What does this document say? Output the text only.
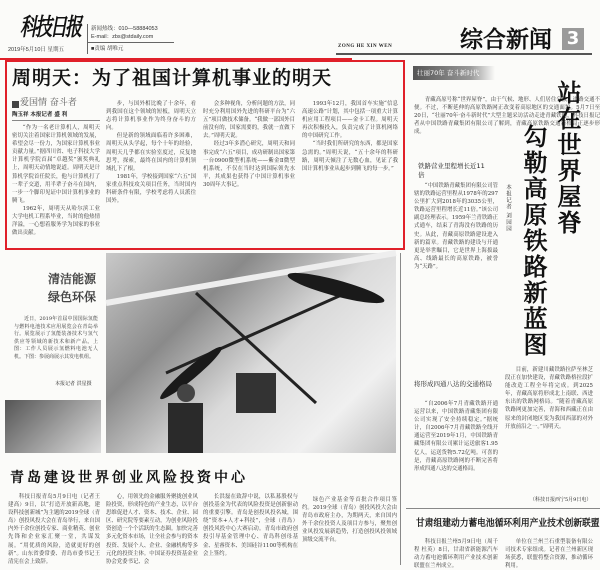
科技日报 新闻热线：010—58884053
E-mail：zbs@stdaily.com
2019年5月10日 星期五	■责编 胡唯元	ZONG HE XIN WEN	综合新闻 3
周明天：为了祖国计算机事业的明天
爱国情 奋斗者
陶玉祥 本报记者 盛 利

“作为一名老计算机人，周明天密切关注着国家计算机领域的发展，希望会尽一份力，为国家计算机事业贡献力量。”据四川省、电子科技大学计算机学院首届“卓越奖”颁奖典礼上，周明天动情地说道。周明天是计算机学院首任院长，他与计算机打了一辈子交道，用半辈子奋斗在国内，一步一个脚印见证中国计算机事业的腾飞。

1962年，周明天从哈尔滨工业大学电机工程系毕业，当时的他热情洋溢，一心想着服务学为国家的事业做出贡献。

步，与国外相比晚了十余年，看到我国在这个领域的短板，周明天立志将计算机事业作为终身奋斗的方向。

但是新的领域面临着许多困难，周明天从头学起，每个十年的经验，周明天几乎都在实验室度过，反复地思考，探索，最终在国内的计算机领域扎下了根。

1981年，学校接到国家“六五”国家重点科技攻关项目任务，当时国内科研条件有限，学校考虑将人员派往国外。

会多种视角，分析问题的方法，同时充分利用国外先进的科研平台为“六五”项目做技术储备。“我做一部国外目前没有的，国家需要的，我就一直做下去。”周明天说。

经过3年多潜心研究，周明天和同事完成“六五”项目，成功研制出国家第一台0900微型机系统——紫金Ⅱ微型机系统，不仅在当时达到国际领先水平，其成果也获得了中国计算机事业30周年大事记。

1993年12月，我国首车实施“信息高速公路”计划，其中包括一项重大计算机应用工程项目——金卡工程。周明天再次积极投入，负责完成了计算机网络的中国研究工作。

“当时我们所研究的东西，都是国家急需的。”周明天说，“五十余年的科研路，周明天倾注了无数心血，见证了我国计算机事业从起步到腾飞的每一步。”

清洁能源
绿色环保

近日，2019年首届中国国际氢能与燃料电池技术应用展览会在青岛举行。展览展示了氢能装备技术与氢气供应等领域的新技术和新产品。上图：工作人员展示氢燃料电池无人机。下图：参展商展示其发电机组。

本报记者 洪星摄
青岛建设世界创业风险投资中心

科技日报青岛5月9日电（记者王建高）9日，以“打造开放新高地，建设科技创新城”为主题的2019全球（青岛）创投风投大会在青岛举行，来自国内外千余位创投专家、商业精英、创业先锋和企业家汇聚一堂，共谋发展。“用优质的风险，造就更好的创新”。山东省委常委、青岛市委书记王清宪在会上致辞。

心，用领先的金融服务聚拢创业风险投资，形成特色的产业生态，以平台思维促进人才、资本、技术、企业、园区、研究院等要素互动，为创业风险投资创造一个个活跃的生态圈。加快完善多元化资本市场，让全社会参与的资本投资、发展个人、企业、金融机构等多元化的投资主体。中国证券投资基金业协会党委书记、会

长洪磊在致辞中说，以私募股权与创投基金为代表的风险投资是创新驱动的重要引擎。青岛是创投风投名城，围绕“资本+人才+科技”，全球（青岛）创投风投中心大赛启动。青岛市政府创投引导基金管理中心、青岛科创母基金、星睿资本、美国硅谷1100等机构在会上签约。

绿色产业基金等首批合作项目签约。2019全球（青岛）创投风投大会由青岛市政府主办，为期两天，来自国内外千余位投资人及项目方参与，聚焦创业风投发展新趋势，打造创投风投领域顶级交流平台。

壮丽70年 奋斗新时代

青藏高原号称“世界屋脊”，由于气候、地形、人们居住分散，道路交通不便。不过，不断延伸的高原铁路网正改变着高原地区的交通面貌。5月7日至20日，“壮丽70年·奋斗新时代”大型主题采访活动走进青藏铁路，科技日报记者从中国铁路青藏集团有限公司了解到，青藏高原铁路交通新格局正逐步形成。

铁路营业里程增长近11倍

“中国铁路青藏集团有限公司管辖的铁路运营里程从1978年的297公里扩大到2018年的3035公里，铁路运营里程增长近11倍。”该公司副总经理表示。1959年兰青铁路正式通车，结束了青海没有铁路的历史。从此，青藏高原铁路建设进入新的篇章。青藏铁路的建设与开通更是举世瞩目，它是世界上海拔最高、线路最长的高原铁路，被誉为“天路”。

站在世界屋脊
勾勒高原铁路新蓝图
本报记者 刘园园
将形成四通八达的交通格局

“自2006年7月青藏铁路开通运营以来，中国铁路青藏集团有限公司实现了安全持续稳定。”据统计，自2006年7月青藏铁路全线开通运营至2019年1月，中国铁路青藏集团有限公司累计运送旅客1.95亿人，运送货物5.72亿吨。可喜的是，青藏高原铁路网的不断完善将形成四通八达的交通格局。

目前，新建川藏铁路拉萨至林芝段正在加快建设，青藏铁路格拉段扩能改造工程全年将完成。到2025年，青藏高原将形成北上南联、西进东出的铁路网格局。“随着青藏高原铁路网更加完善，青海和西藏正在由原来的封闭地区变为我国西部的对外开放前沿之一。”周明天。

（科技日报西宁5月9日电）
甘肃组建动力蓄电池循环利用产业技术创新联盟

科技日报兰州5月9日电（周千程 杜英）8日，甘肃省新能源汽车动力蓄电池循环利用产业技术创新联盟在兰州成立。

单位在兰州兰石重型装备有限公司技术专家组成。记者在兰州新区现场获悉，联盟将整合资源，推动循环利用。
